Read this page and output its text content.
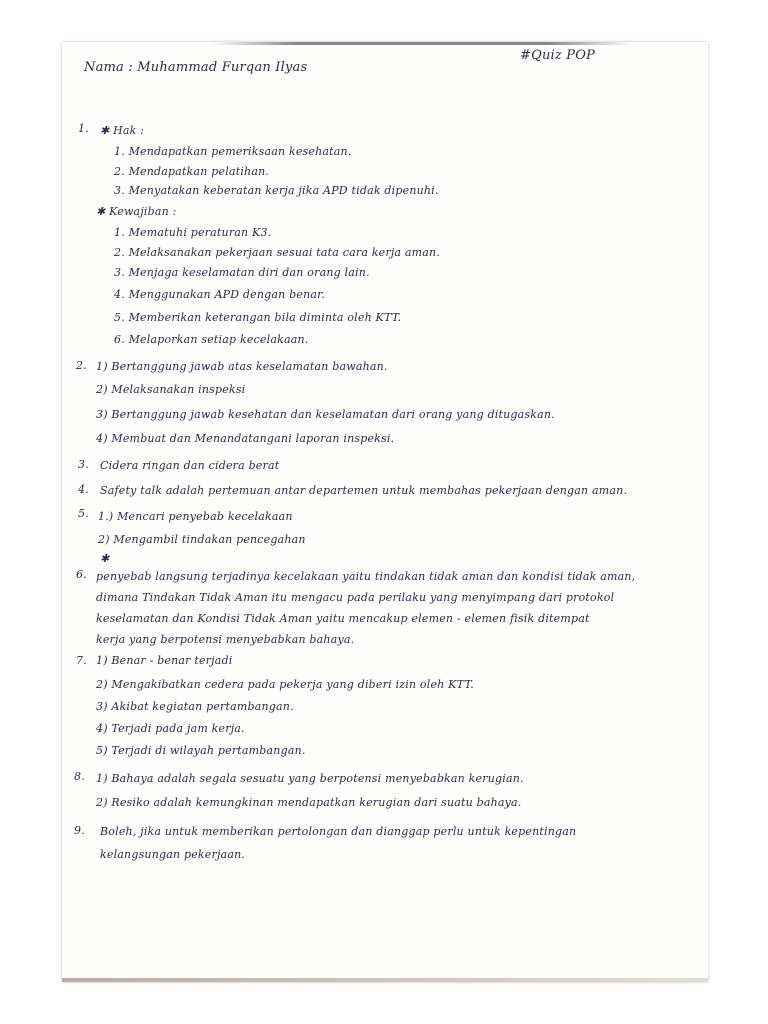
Nama : Muhammad Furqan Ilyas
#Quiz POP
1. ✱ Hak :
1. Mendapatkan pemeriksaan kesehatan.
2. Mendapatkan pelatihan.
3. Menyatakan keberatan kerja jika APD tidak dipenuhi.
✱ Kewajiban :
1. Mematuhi peraturan K3.
2. Melaksanakan pekerjaan sesuai tata cara kerja aman.
3. Menjaga keselamatan diri dan orang lain.
4. Menggunakan APD dengan benar.
5. Memberikan keterangan bila diminta oleh KTT.
6. Melaporkan setiap kecelakaan.
2. 1) Bertanggung jawab atas keselamatan bawahan.
2) Melaksanakan inspeksi
3) Bertanggung jawab kesehatan dan keselamatan dari orang yang ditugaskan.
4) Membuat dan Menandatangani laporan inspeksi.
3. Cidera ringan dan cidera berat
4. Safety talk adalah pertemuan antar departemen untuk membahas pekerjaan dengan aman.
5. 1.) Mencari penyebab kecelakaan
2) Mengambil tindakan pencegahan
✱
6. penyebab langsung terjadinya kecelakaan yaitu tindakan tidak aman dan kondisi tidak aman,
dimana Tindakan Tidak Aman itu mengacu pada perilaku yang menyimpang dari protokol
keselamatan dan Kondisi Tidak Aman yaitu mencakup elemen - elemen fisik ditempat
kerja yang berpotensi menyebabkan bahaya.
7. 1) Benar - benar terjadi
2) Mengakibatkan cedera pada pekerja yang diberi izin oleh KTT.
3) Akibat kegiatan pertambangan.
4) Terjadi pada jam kerja.
5) Terjadi di wilayah pertambangan.
8. 1) Bahaya adalah segala sesuatu yang berpotensi menyebabkan kerugian.
2) Resiko adalah kemungkinan mendapatkan kerugian dari suatu bahaya.
9. Boleh, jika untuk memberikan pertolongan dan dianggap perlu untuk kepentingan
kelangsungan pekerjaan.
